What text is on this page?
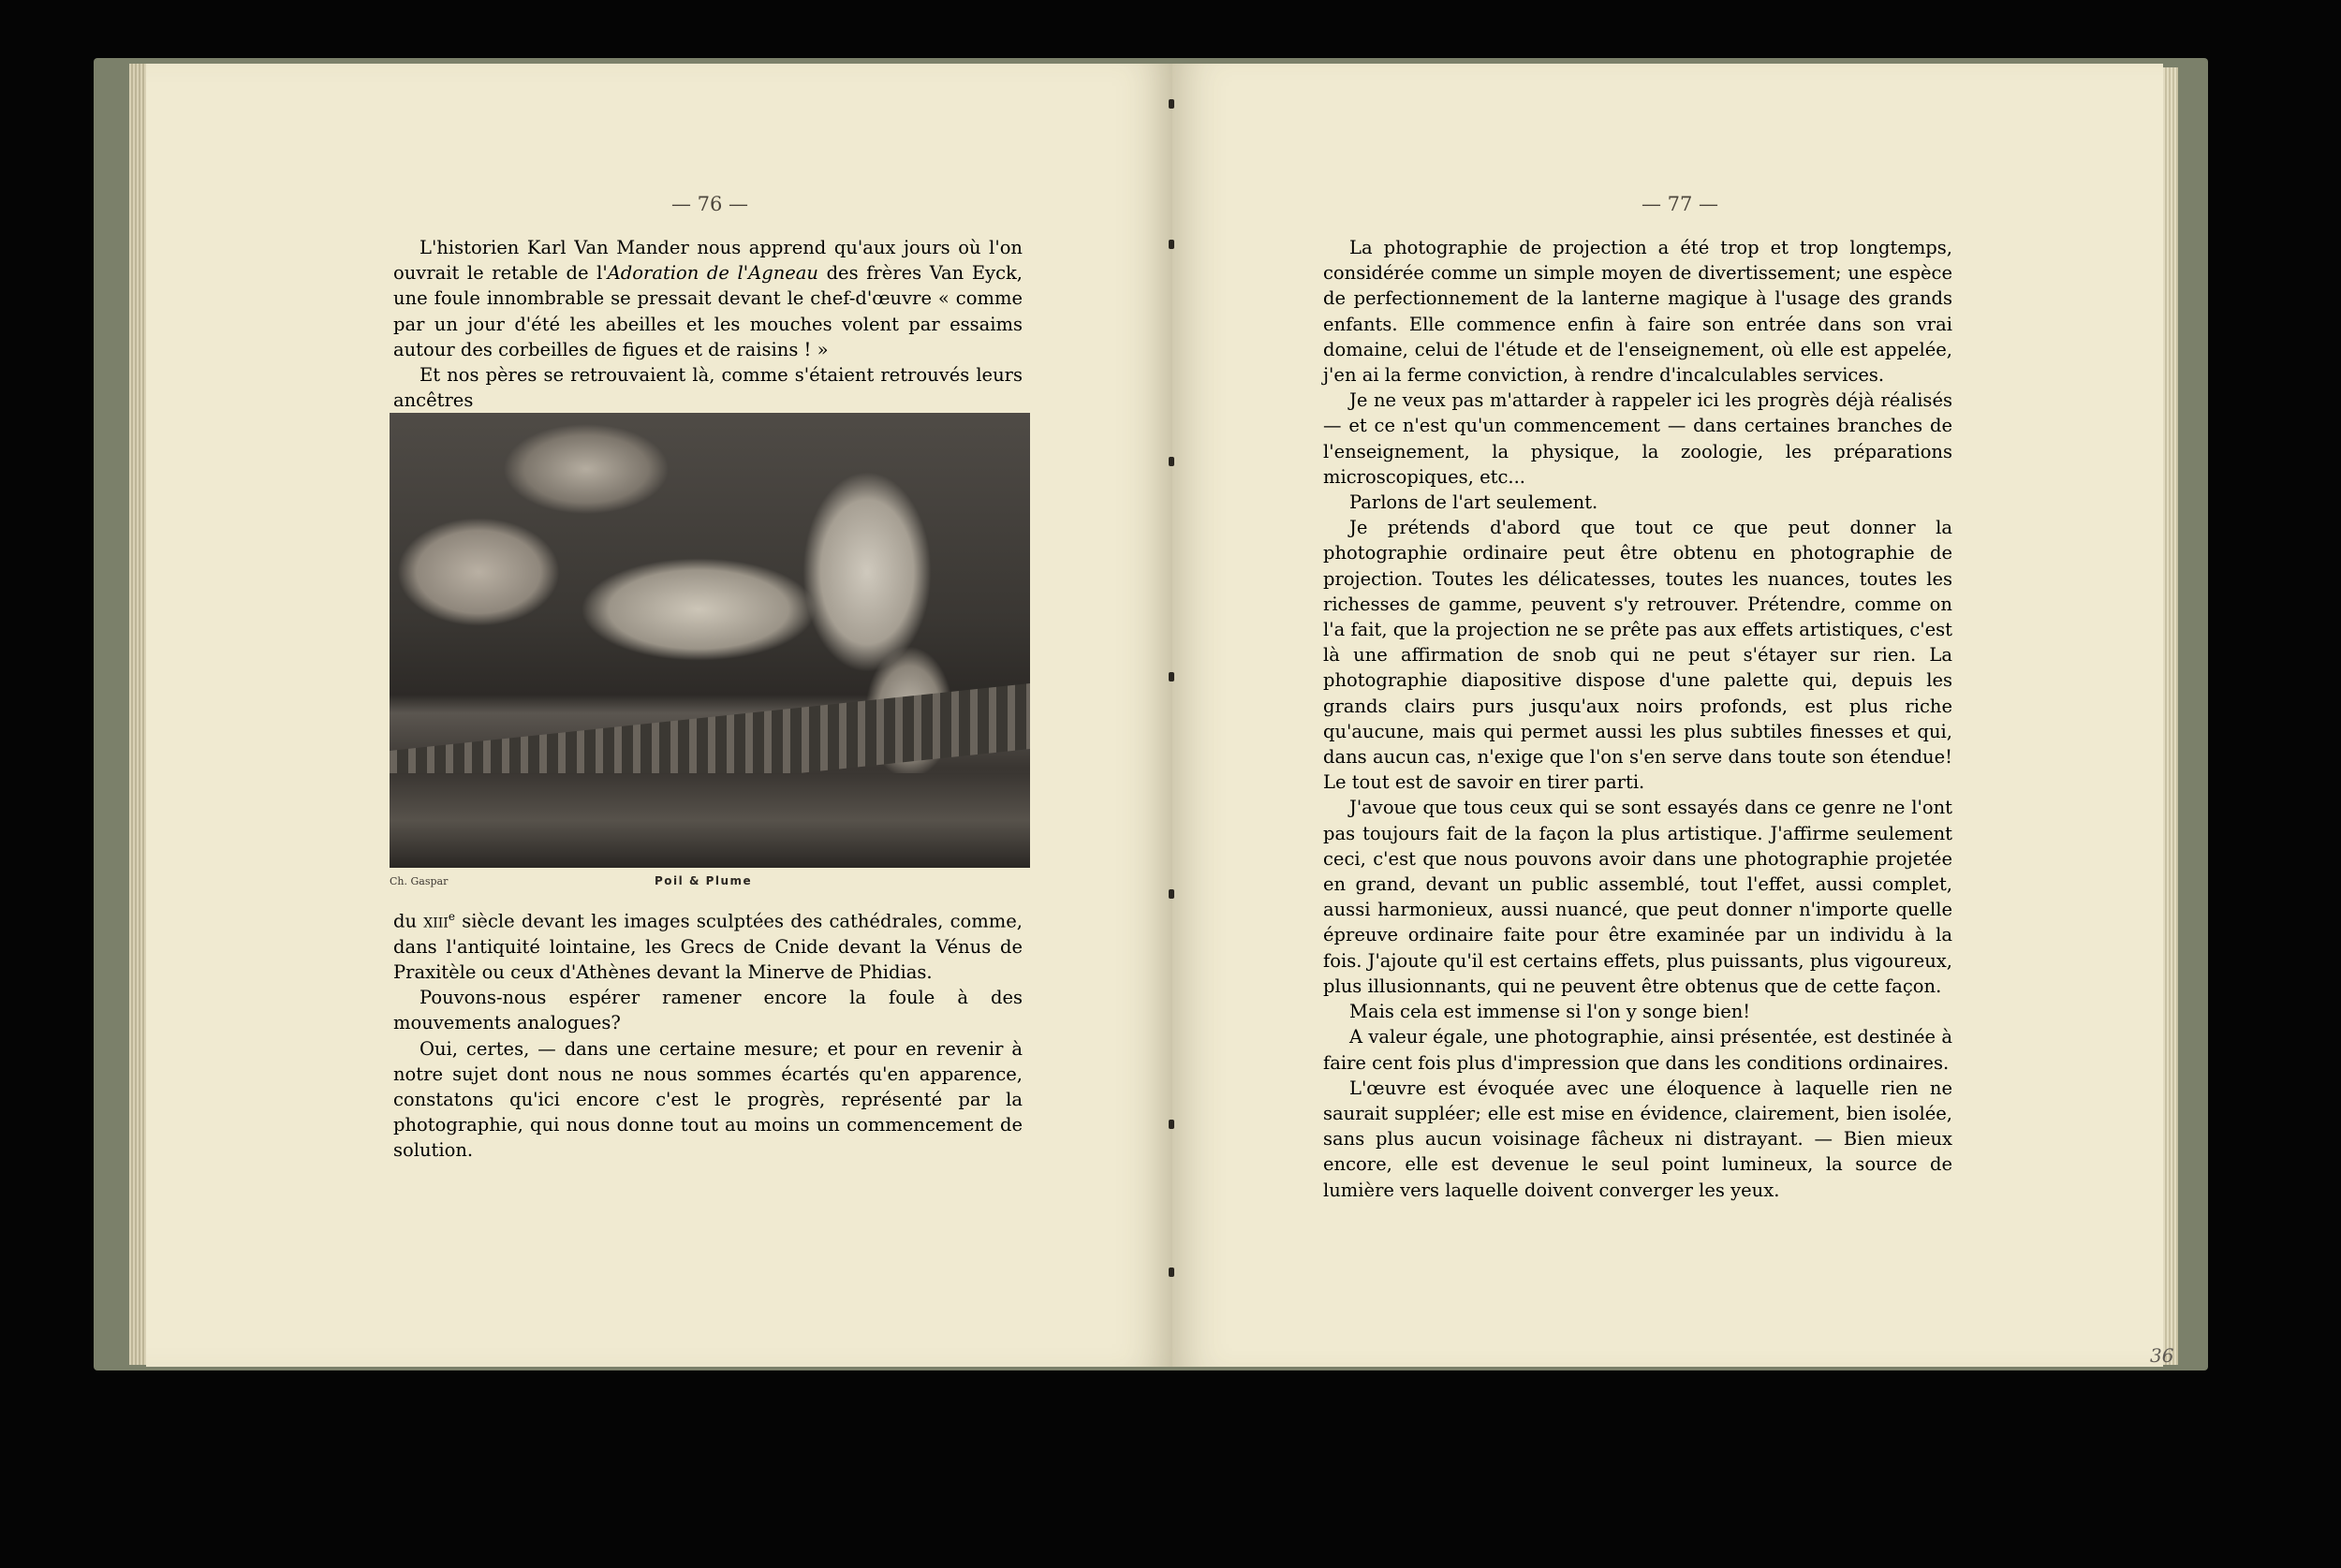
— 76 —

L'historien Karl Van Mander nous apprend qu'aux jours où l'on ouvrait le retable de l'Adoration de l'Agneau des frères Van Eyck, une foule innombrable se pressait devant le chef-d'œuvre « comme par un jour d'été les abeilles et les mouches volent par essaims autour des corbeilles de figues et de raisins ! »

Et nos pères se retrouvaient là, comme s'étaient retrouvés leurs ancêtres

Ch. Gaspar	Poil & Plume

du xiii$^e$ siècle devant les images sculptées des cathédrales, comme, dans l'antiquité lointaine, les Grecs de Cnide devant la Vénus de Praxitèle ou ceux d'Athènes devant la Minerve de Phidias.

Pouvons-nous espérer ramener encore la foule à des mouvements analogues?

Oui, certes, — dans une certaine mesure; et pour en revenir à notre sujet dont nous ne nous sommes écartés qu'en apparence, constatons qu'ici encore c'est le progrès, représenté par la photographie, qui nous donne tout au moins un commencement de solution.

— 77 —

La photographie de projection a été trop et trop longtemps, considérée comme un simple moyen de divertissement; une espèce de perfectionnement de la lanterne magique à l'usage des grands enfants. Elle commence enfin à faire son entrée dans son vrai domaine, celui de l'étude et de l'enseignement, où elle est appelée, j'en ai la ferme conviction, à rendre d'incalculables services.

Je ne veux pas m'attarder à rappeler ici les progrès déjà réalisés — et ce n'est qu'un commencement — dans certaines branches de l'enseignement, la physique, la zoologie, les préparations microscopiques, etc...

Parlons de l'art seulement.

Je prétends d'abord que tout ce que peut donner la photographie ordinaire peut être obtenu en photographie de projection. Toutes les délicatesses, toutes les nuances, toutes les richesses de gamme, peuvent s'y retrouver. Prétendre, comme on l'a fait, que la projection ne se prête pas aux effets artistiques, c'est là une affirmation de snob qui ne peut s'étayer sur rien. La photographie diapositive dispose d'une palette qui, depuis les grands clairs purs jusqu'aux noirs profonds, est plus riche qu'aucune, mais qui permet aussi les plus subtiles finesses et qui, dans aucun cas, n'exige que l'on s'en serve dans toute son étendue! Le tout est de savoir en tirer parti.

J'avoue que tous ceux qui se sont essayés dans ce genre ne l'ont pas toujours fait de la façon la plus artistique. J'affirme seulement ceci, c'est que nous pouvons avoir dans une photographie projetée en grand, devant un public assemblé, tout l'effet, aussi complet, aussi harmonieux, aussi nuancé, que peut donner n'importe quelle épreuve ordinaire faite pour être examinée par un individu à la fois. J'ajoute qu'il est certains effets, plus puissants, plus vigoureux, plus illusionnants, qui ne peuvent être obtenus que de cette façon.

Mais cela est immense si l'on y songe bien!

A valeur égale, une photographie, ainsi présentée, est destinée à faire cent fois plus d'impression que dans les conditions ordinaires.

L'œuvre est évoquée avec une éloquence à laquelle rien ne saurait suppléer; elle est mise en évidence, clairement, bien isolée, sans plus aucun voisinage fâcheux ni distrayant. — Bien mieux encore, elle est devenue le seul point lumineux, la source de lumière vers laquelle doivent converger les yeux.

36
